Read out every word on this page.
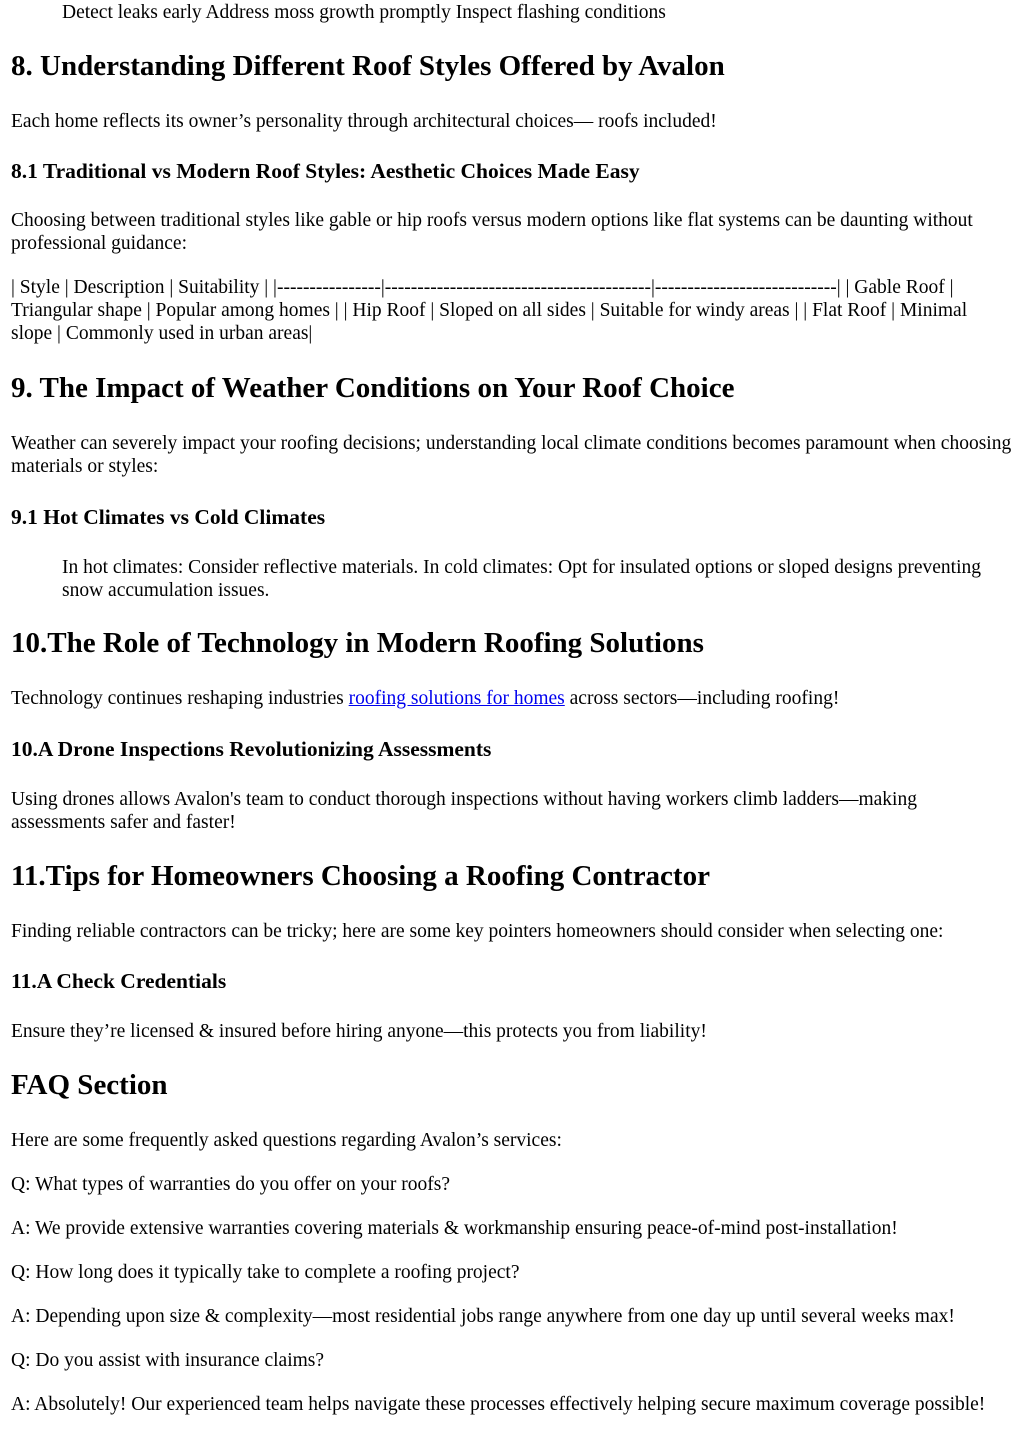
Detect leaks early Address moss growth promptly Inspect flashing conditions

8. Understanding Different Roof Styles Offered by Avalon

Each home reflects its owner’s personality through architectural choices— roofs included!

8.1 Traditional vs Modern Roof Styles: Aesthetic Choices Made Easy

Choosing between traditional styles like gable or hip roofs versus modern options like flat systems can be daunting without professional guidance:

| Style | Description | Suitability | |----------------|-----------------------------------------|----------------------------| | Gable Roof | Triangular shape | Popular among homes | | Hip Roof | Sloped on all sides | Suitable for windy areas | | Flat Roof | Minimal slope | Commonly used in urban areas|

9. The Impact of Weather Conditions on Your Roof Choice

Weather can severely impact your roofing decisions; understanding local climate conditions becomes paramount when choosing materials or styles:

9.1 Hot Climates vs Cold Climates

In hot climates: Consider reflective materials. In cold climates: Opt for insulated options or sloped designs preventing snow accumulation issues.

10.The Role of Technology in Modern Roofing Solutions

Technology continues reshaping industries roofing solutions for homes across sectors—including roofing!

10.A Drone Inspections Revolutionizing Assessments

Using drones allows Avalon's team to conduct thorough inspections without having workers climb ladders—making assessments safer and faster!

11.Tips for Homeowners Choosing a Roofing Contractor

Finding reliable contractors can be tricky; here are some key pointers homeowners should consider when selecting one:

11.A Check Credentials

Ensure they’re licensed & insured before hiring anyone—this protects you from liability!

FAQ Section

Here are some frequently asked questions regarding Avalon’s services:

Q: What types of warranties do you offer on your roofs?

A: We provide extensive warranties covering materials & workmanship ensuring peace-of-mind post-installation!

Q: How long does it typically take to complete a roofing project?

A: Depending upon size & complexity—most residential jobs range anywhere from one day up until several weeks max!

Q: Do you assist with insurance claims?

A: Absolutely! Our experienced team helps navigate these processes effectively helping secure maximum coverage possible!
